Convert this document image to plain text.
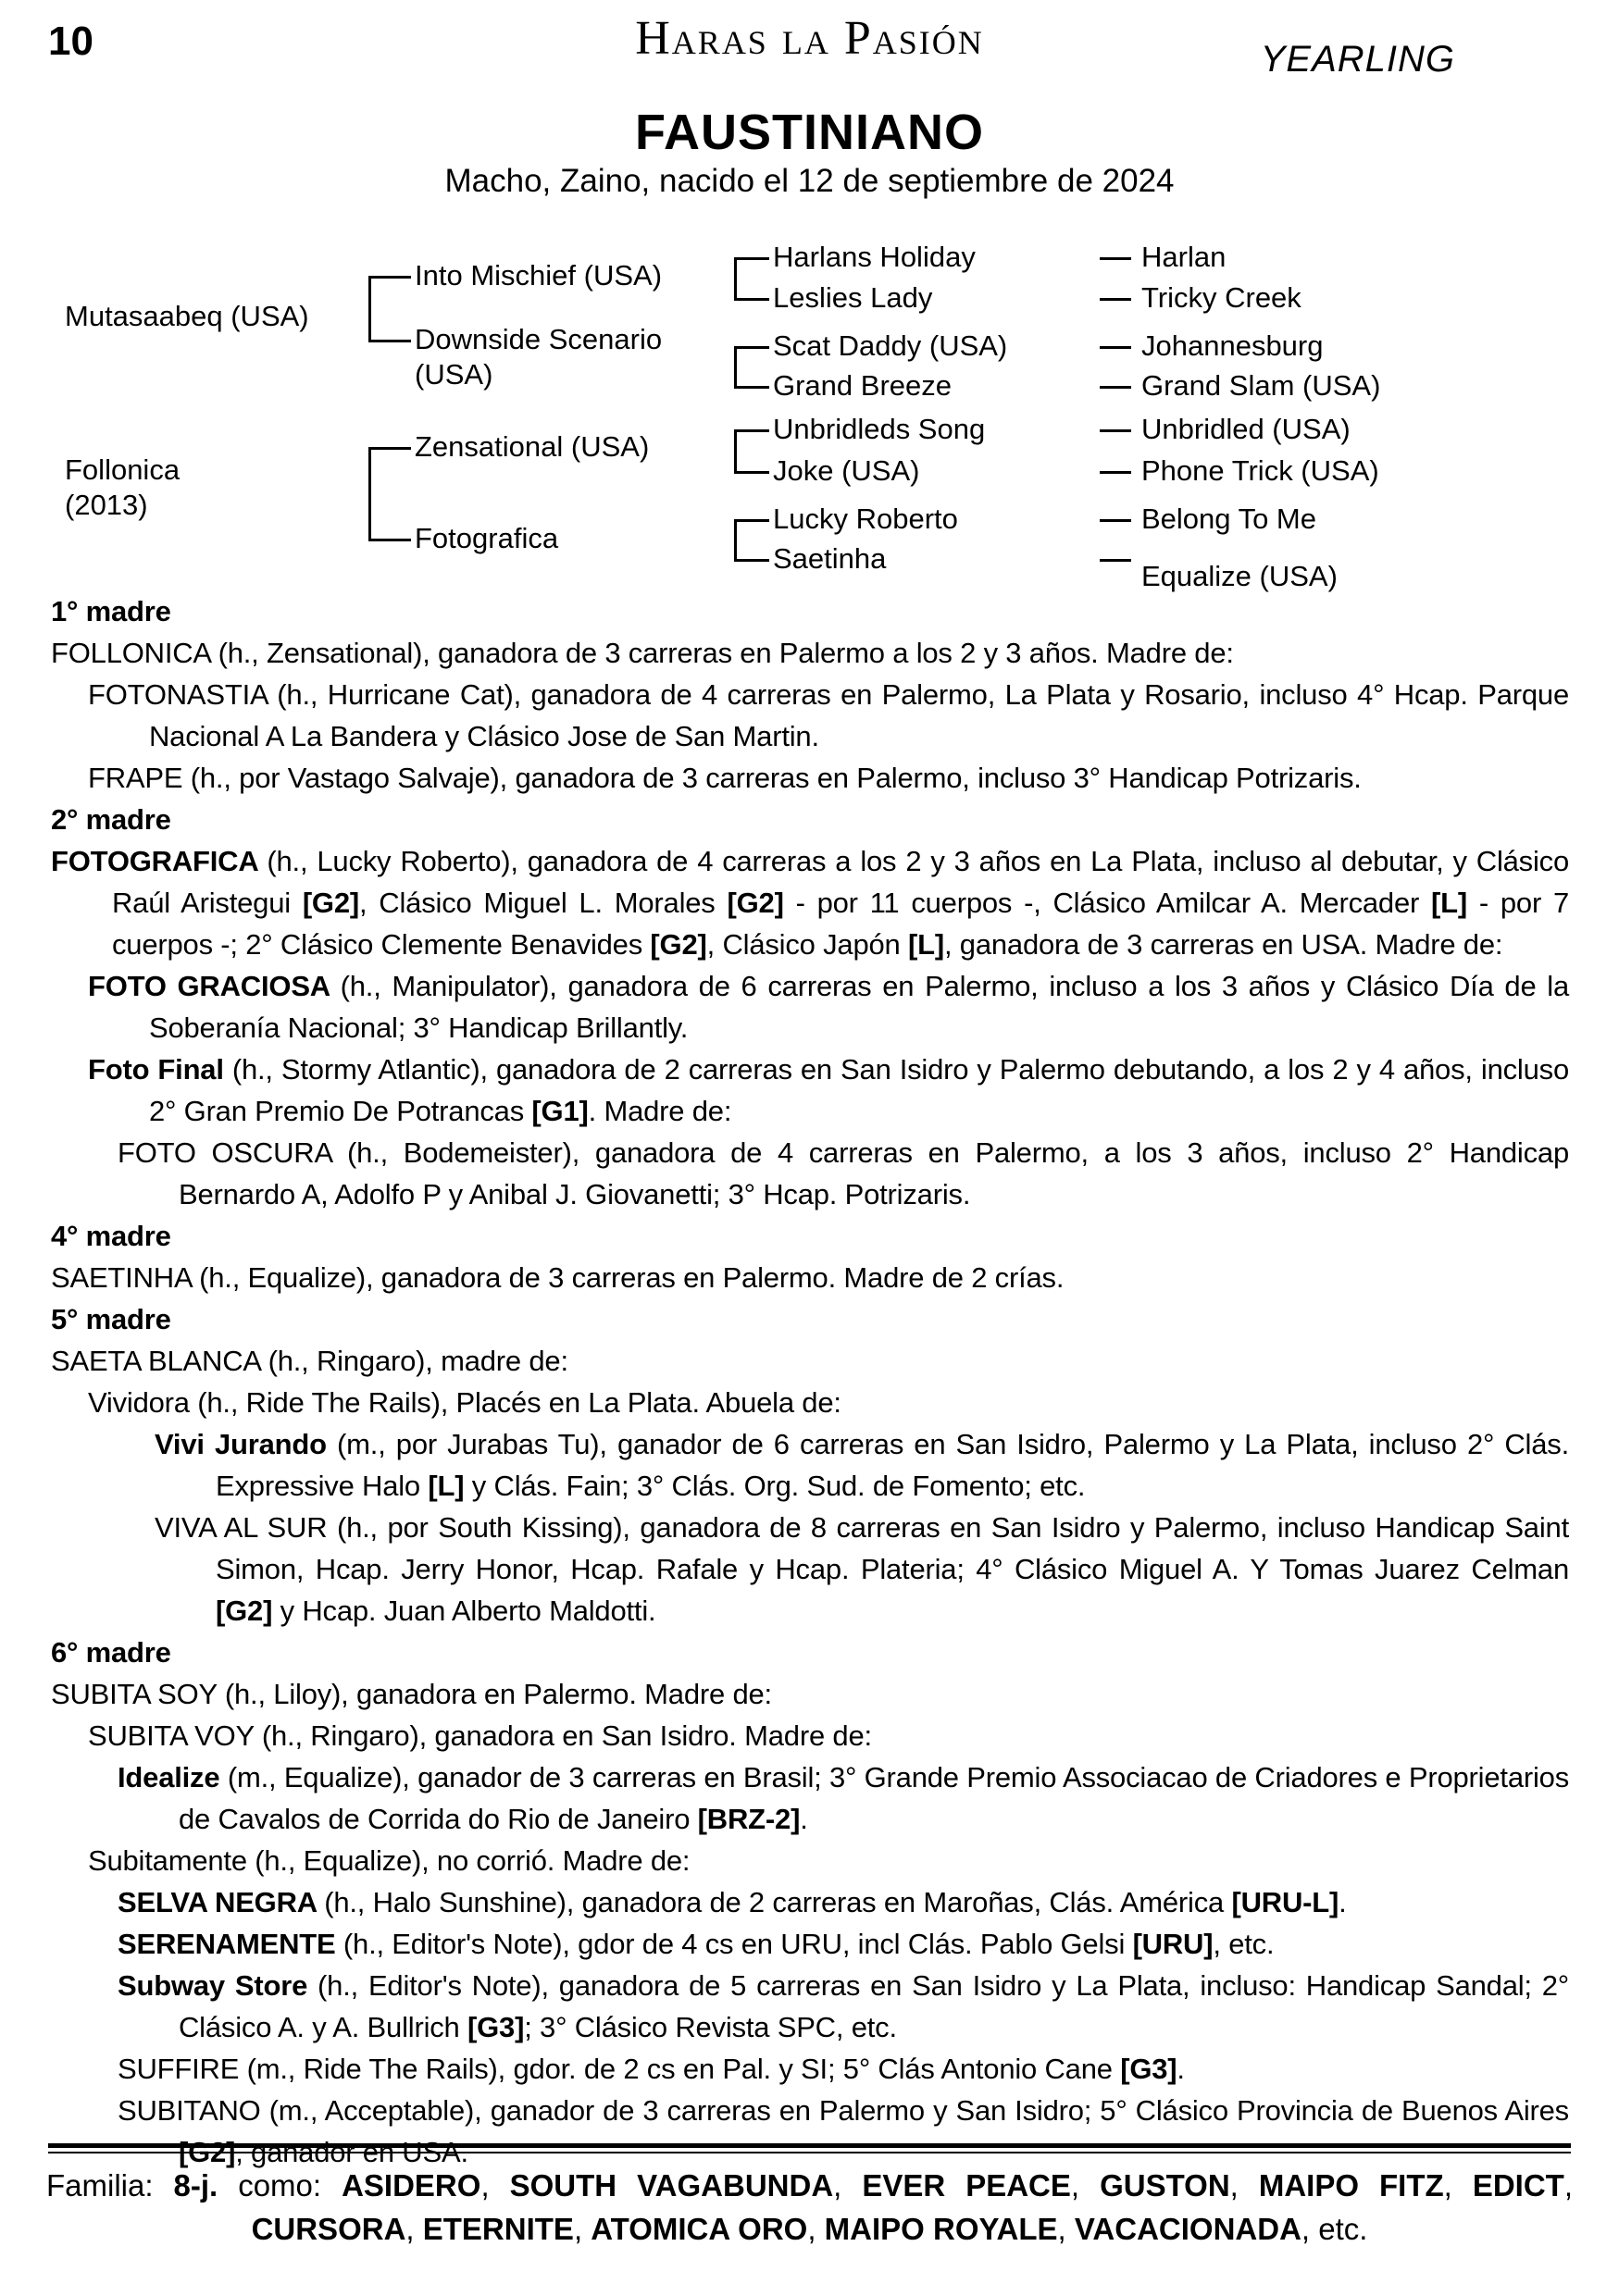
10	Haras la Pasión	YEARLING
FAUSTINIANO
Macho, Zaino, nacido el 12 de septiembre de 2024
Mutasaabeq (USA)
Follonica
(2013)
Into Mischief (USA)
Downside Scenario
(USA)
Zensational (USA)
Fotografica
Harlans Holiday
Leslies Lady
Scat Daddy (USA)
Grand Breeze
Unbridleds Song
Joke (USA)
Lucky Roberto
Saetinha
Harlan
Tricky Creek
Johannesburg
Grand Slam (USA)
Unbridled (USA)
Phone Trick (USA)
Belong To Me
Equalize (USA)

1° madre

FOLLONICA (h., Zensational), ganadora de 3 carreras en Palermo a los 2 y 3 años. Madre de:

FOTONASTIA (h., Hurricane Cat), ganadora de 4 carreras en Palermo, La Plata y Rosario, incluso 4° Hcap. Parque Nacional A La Bandera y Clásico Jose de San Martin.

FRAPE (h., por Vastago Salvaje), ganadora de 3 carreras en Palermo, incluso 3° Handicap Potrizaris.

2° madre

FOTOGRAFICA (h., Lucky Roberto), ganadora de 4 carreras a los 2 y 3 años en La Plata, incluso al debutar, y Clásico Raúl Aristegui [G2], Clásico Miguel L. Morales [G2] - por 11 cuerpos -, Clásico Amilcar A. Mercader [L] - por 7 cuerpos -; 2° Clásico Clemente Benavides [G2], Clásico Japón [L], ganadora de 3 carreras en USA. Madre de:

FOTO GRACIOSA (h., Manipulator), ganadora de 6 carreras en Palermo, incluso a los 3 años y Clásico Día de la Soberanía Nacional; 3° Handicap Brillantly.

Foto Final (h., Stormy Atlantic), ganadora de 2 carreras en San Isidro y Palermo debutando, a los 2 y 4 años, incluso 2° Gran Premio De Potrancas [G1]. Madre de:

FOTO OSCURA (h., Bodemeister), ganadora de 4 carreras en Palermo, a los 3 años, incluso 2° Handicap Bernardo A, Adolfo P y Anibal J. Giovanetti; 3° Hcap. Potrizaris.

4° madre

SAETINHA (h., Equalize), ganadora de 3 carreras en Palermo. Madre de 2 crías.

5° madre

SAETA BLANCA (h., Ringaro), madre de:

Vividora (h., Ride The Rails), Placés en La Plata. Abuela de:

Vivi Jurando (m., por Jurabas Tu), ganador de 6 carreras en San Isidro, Palermo y La Plata, incluso 2° Clás. Expressive Halo [L] y Clás. Fain; 3° Clás. Org. Sud. de Fomento; etc.

VIVA AL SUR (h., por South Kissing), ganadora de 8 carreras en San Isidro y Palermo, incluso Handicap Saint Simon, Hcap. Jerry Honor, Hcap. Rafale y Hcap. Plateria; 4° Clásico Miguel A. Y Tomas Juarez Celman [G2] y Hcap. Juan Alberto Maldotti.

6° madre

SUBITA SOY (h., Liloy), ganadora en Palermo. Madre de:

SUBITA VOY (h., Ringaro), ganadora en San Isidro. Madre de:

Idealize (m., Equalize), ganador de 3 carreras en Brasil; 3° Grande Premio Associacao de Criadores e Proprietarios de Cavalos de Corrida do Rio de Janeiro [BRZ-2].

Subitamente (h., Equalize), no corrió. Madre de:

SELVA NEGRA (h., Halo Sunshine), ganadora de 2 carreras en Maroñas, Clás. América [URU-L].

SERENAMENTE (h., Editor's Note), gdor de 4 cs en URU, incl Clás. Pablo Gelsi [URU], etc.

Subway Store (h., Editor's Note), ganadora de 5 carreras en San Isidro y La Plata, incluso: Handicap Sandal; 2° Clásico A. y A. Bullrich [G3]; 3° Clásico Revista SPC, etc.

SUFFIRE (m., Ride The Rails), gdor. de 2 cs en Pal. y SI; 5° Clás Antonio Cane [G3].

SUBITANO (m., Acceptable), ganador de 3 carreras en Palermo y San Isidro; 5° Clásico Provincia de Buenos Aires [G2], ganador en USA.

Familia: 8-j. como: ASIDERO, SOUTH VAGABUNDA, EVER PEACE, GUSTON, MAIPO FITZ, EDICT, CURSORA, ETERNITE, ATOMICA ORO, MAIPO ROYALE, VACACIONADA, etc.
